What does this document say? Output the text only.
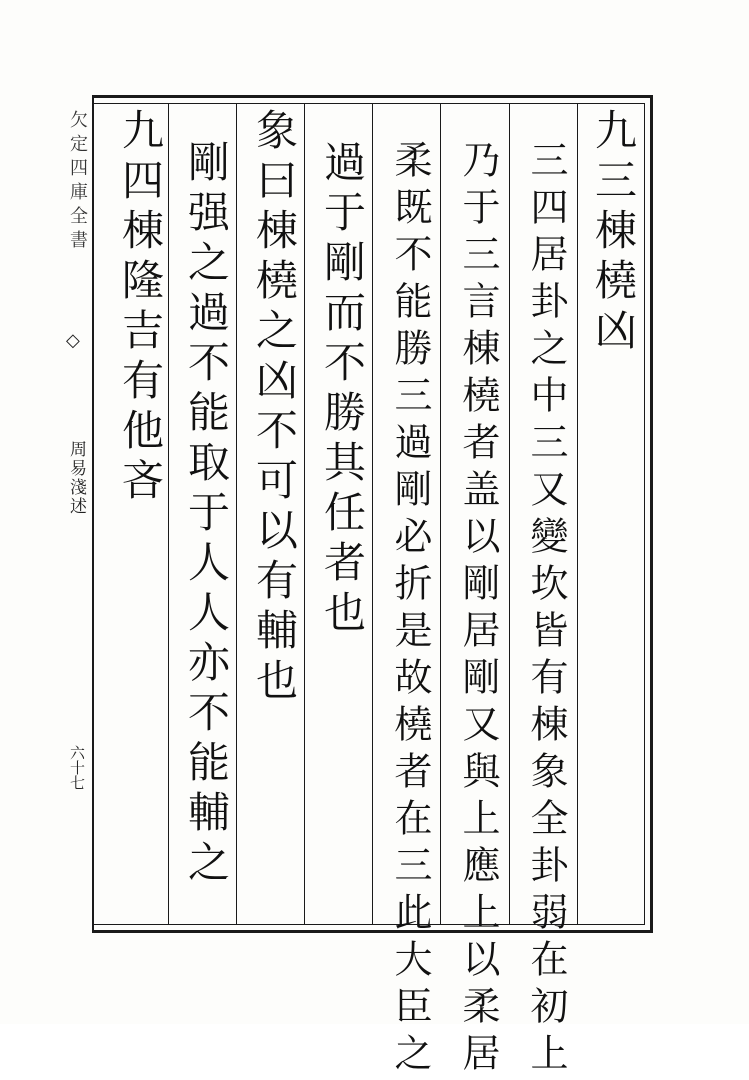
欠定四庫全書
◇
周易淺述
六十七
九三棟橈凶
三四居卦之中三又變坎皆有棟象全卦弱在初上
乃于三言棟橈者盖以剛居剛又與上應上以柔居
柔既不能勝三過剛必折是故橈者在三此大臣之
過于剛而不勝其任者也
象曰棟橈之凶不可以有輔也
剛强之過不能取于人人亦不能輔之
九四棟隆吉有他吝
